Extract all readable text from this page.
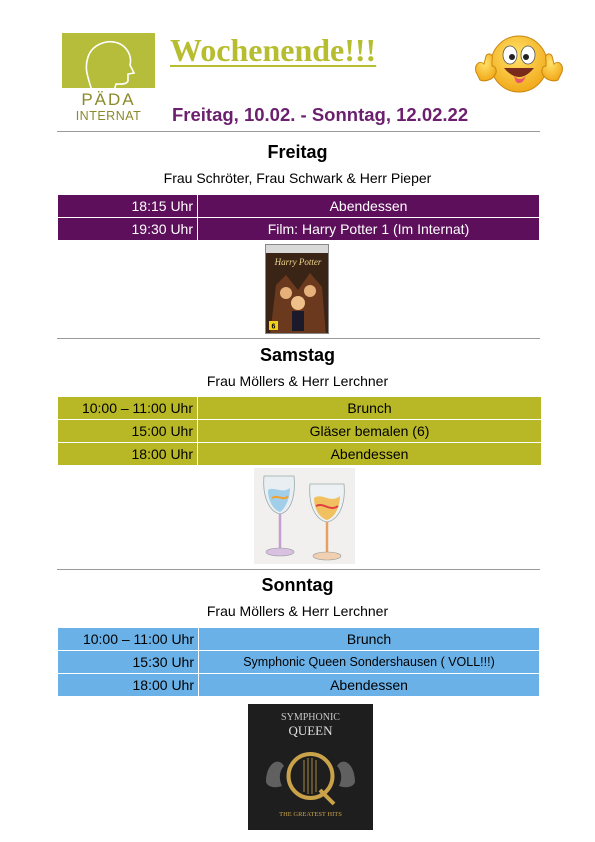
PÄDA
INTERNAT
Wochenende!!!
Freitag, 10.02. - Sonntag, 12.02.22
Freitag
Frau Schröter, Frau Schwark & Herr Pieper
18:15 Uhr	Abendessen
19:30 Uhr	Film: Harry Potter 1 (Im Internat)
Harry Potter
6
Samstag
Frau Möllers & Herr Lerchner
10:00 – 11:00 Uhr	Brunch
15:00 Uhr	Gläser bemalen (6)
18:00 Uhr	Abendessen
Sonntag
Frau Möllers & Herr Lerchner
10:00 – 11:00 Uhr	Brunch
15:30 Uhr	Symphonic Queen Sondershausen ( VOLL!!!)
18:00 Uhr	Abendessen
SYMPHONIC
QUEEN
THE GREATEST HITS
